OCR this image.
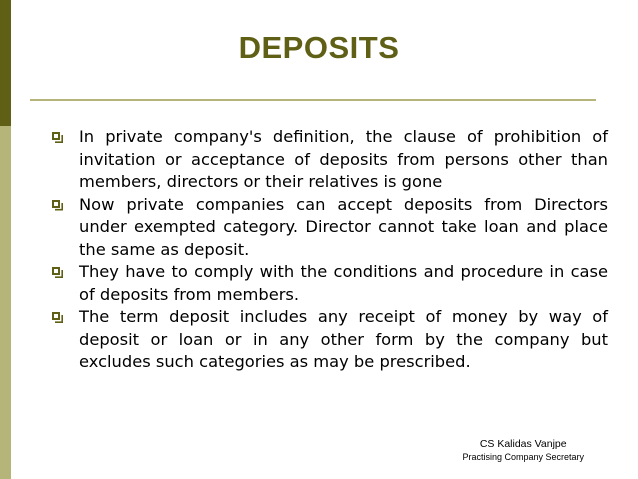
DEPOSITS
In private company's definition, the clause of prohibition of invitation or acceptance of deposits from persons other than members, directors or their relatives is gone
Now private companies can accept deposits from Directors under exempted category. Director cannot take loan and place the same as deposit.
They have to comply with the conditions and procedure in case of deposits from members.
The term deposit includes any receipt of money by way of deposit or loan or in any other form by the company but excludes such categories as may be prescribed.
CS Kalidas Vanjpe
Practising Company Secretary
